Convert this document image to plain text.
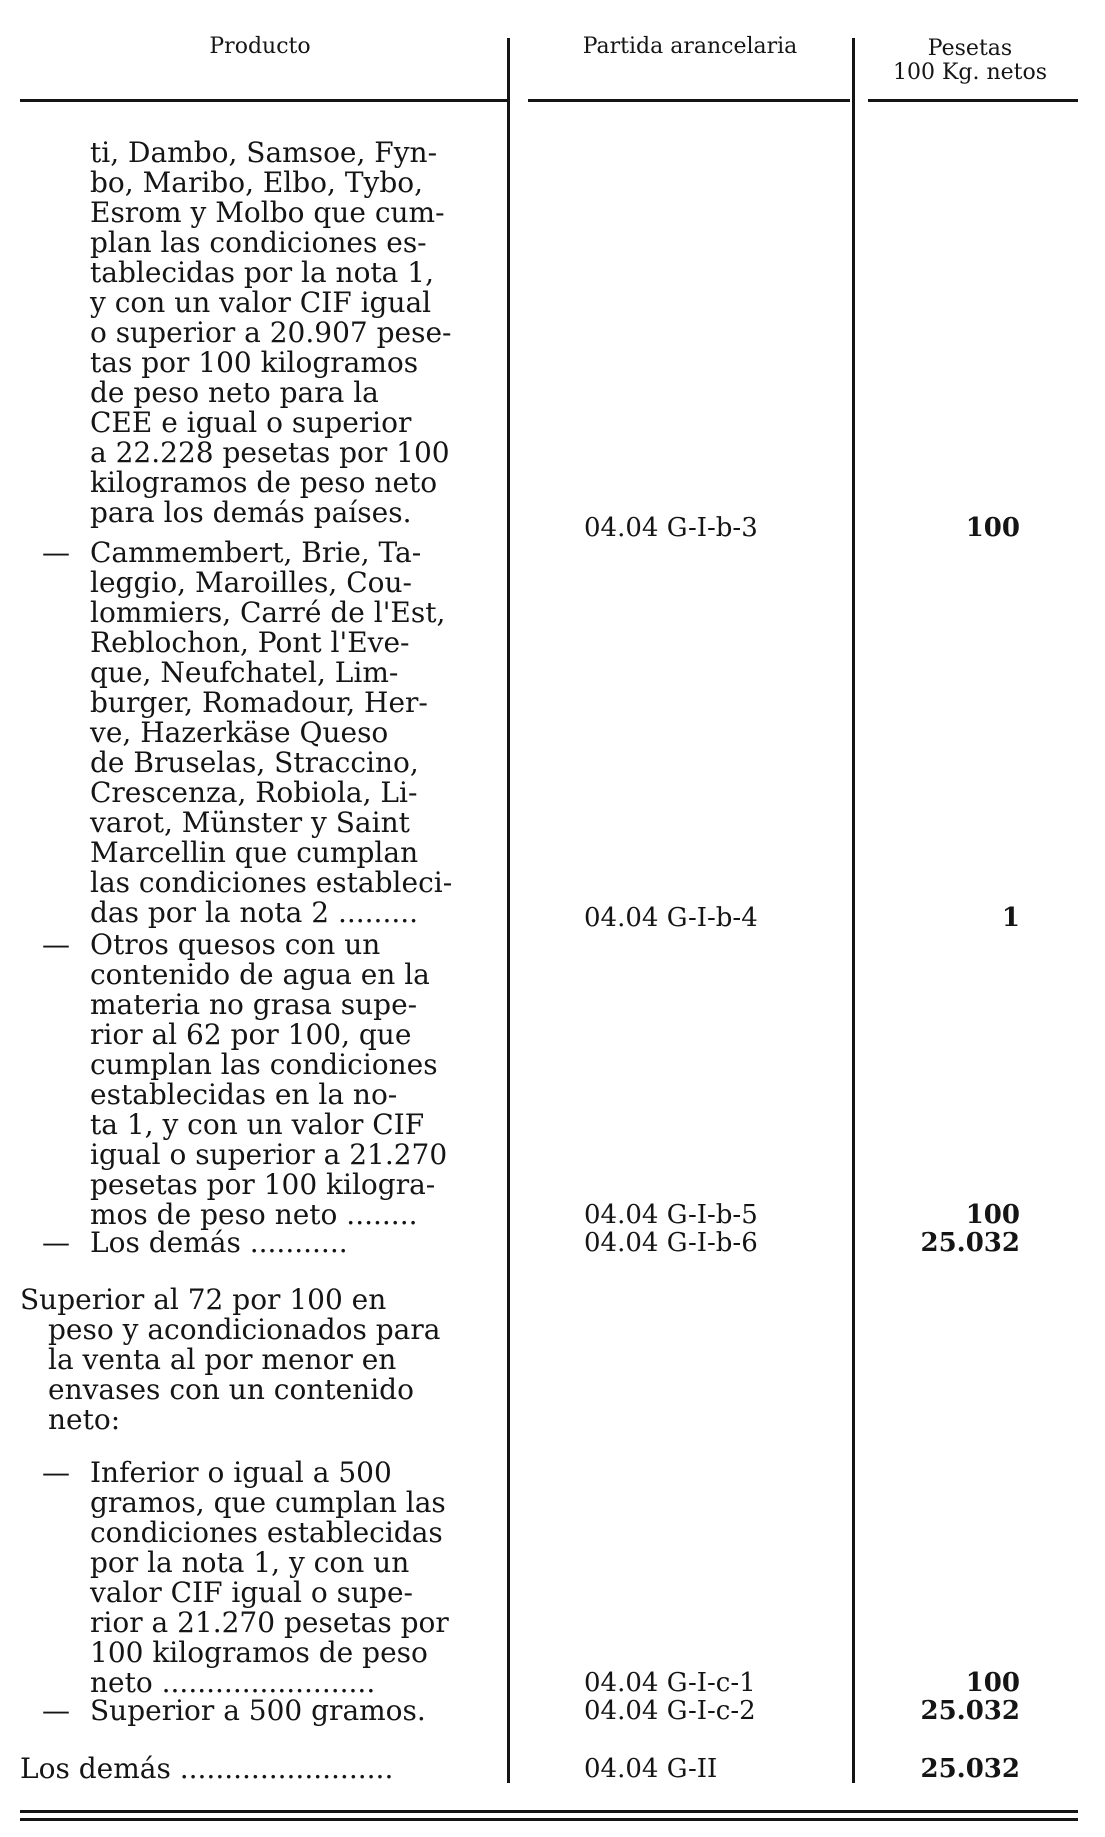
Producto	Partida arancelaria	Pesetas
100 Kg. netos
ti, Dambo, Samsoe, Fyn-
bo, Maribo, Elbo, Tybo,
Esrom y Molbo que cum-
plan las condiciones es-
tablecidas por la nota 1,
y con un valor CIF igual
o superior a 20.907 pese-
tas por 100 kilogramos
de peso neto para la
CEE e igual o superior
a 22.228 pesetas por 100
kilogramos de peso neto
para los demás países.	04.04 G-I-b-3	100
— Cammembert, Brie, Ta-
leggio, Maroilles, Cou-
lommiers, Carré de l'Est,
Reblochon, Pont l'Eve-
que, Neufchatel, Lim-
burger, Romadour, Her-
ve, Hazerkäse Queso
de Bruselas, Straccino,
Crescenza, Robiola, Li-
varot, Münster y Saint
Marcellin que cumplan
las condiciones estableci-
das por la nota 2 .........	04.04 G-I-b-4	1
— Otros quesos con un
contenido de agua en la
materia no grasa supe-
rior al 62 por 100, que
cumplan las condiciones
establecidas en la no-
ta 1, y con un valor CIF
igual o superior a 21.270
pesetas por 100 kilogra-
mos de peso neto ........	04.04 G-I-b-5	100
— Los demás ...........	04.04 G-I-b-6	25.032
Superior al 72 por 100 en
peso y acondicionados para
la venta al por menor en
envases con un contenido
neto:
— Inferior o igual a 500
gramos, que cumplan las
condiciones establecidas
por la nota 1, y con un
valor CIF igual o supe-
rior a 21.270 pesetas por
100 kilogramos de peso
neto ........................	04.04 G-I-c-1	100
— Superior a 500 gramos.	04.04 G-I-c-2	25.032
Los demás ........................	04.04 G-II	25.032
